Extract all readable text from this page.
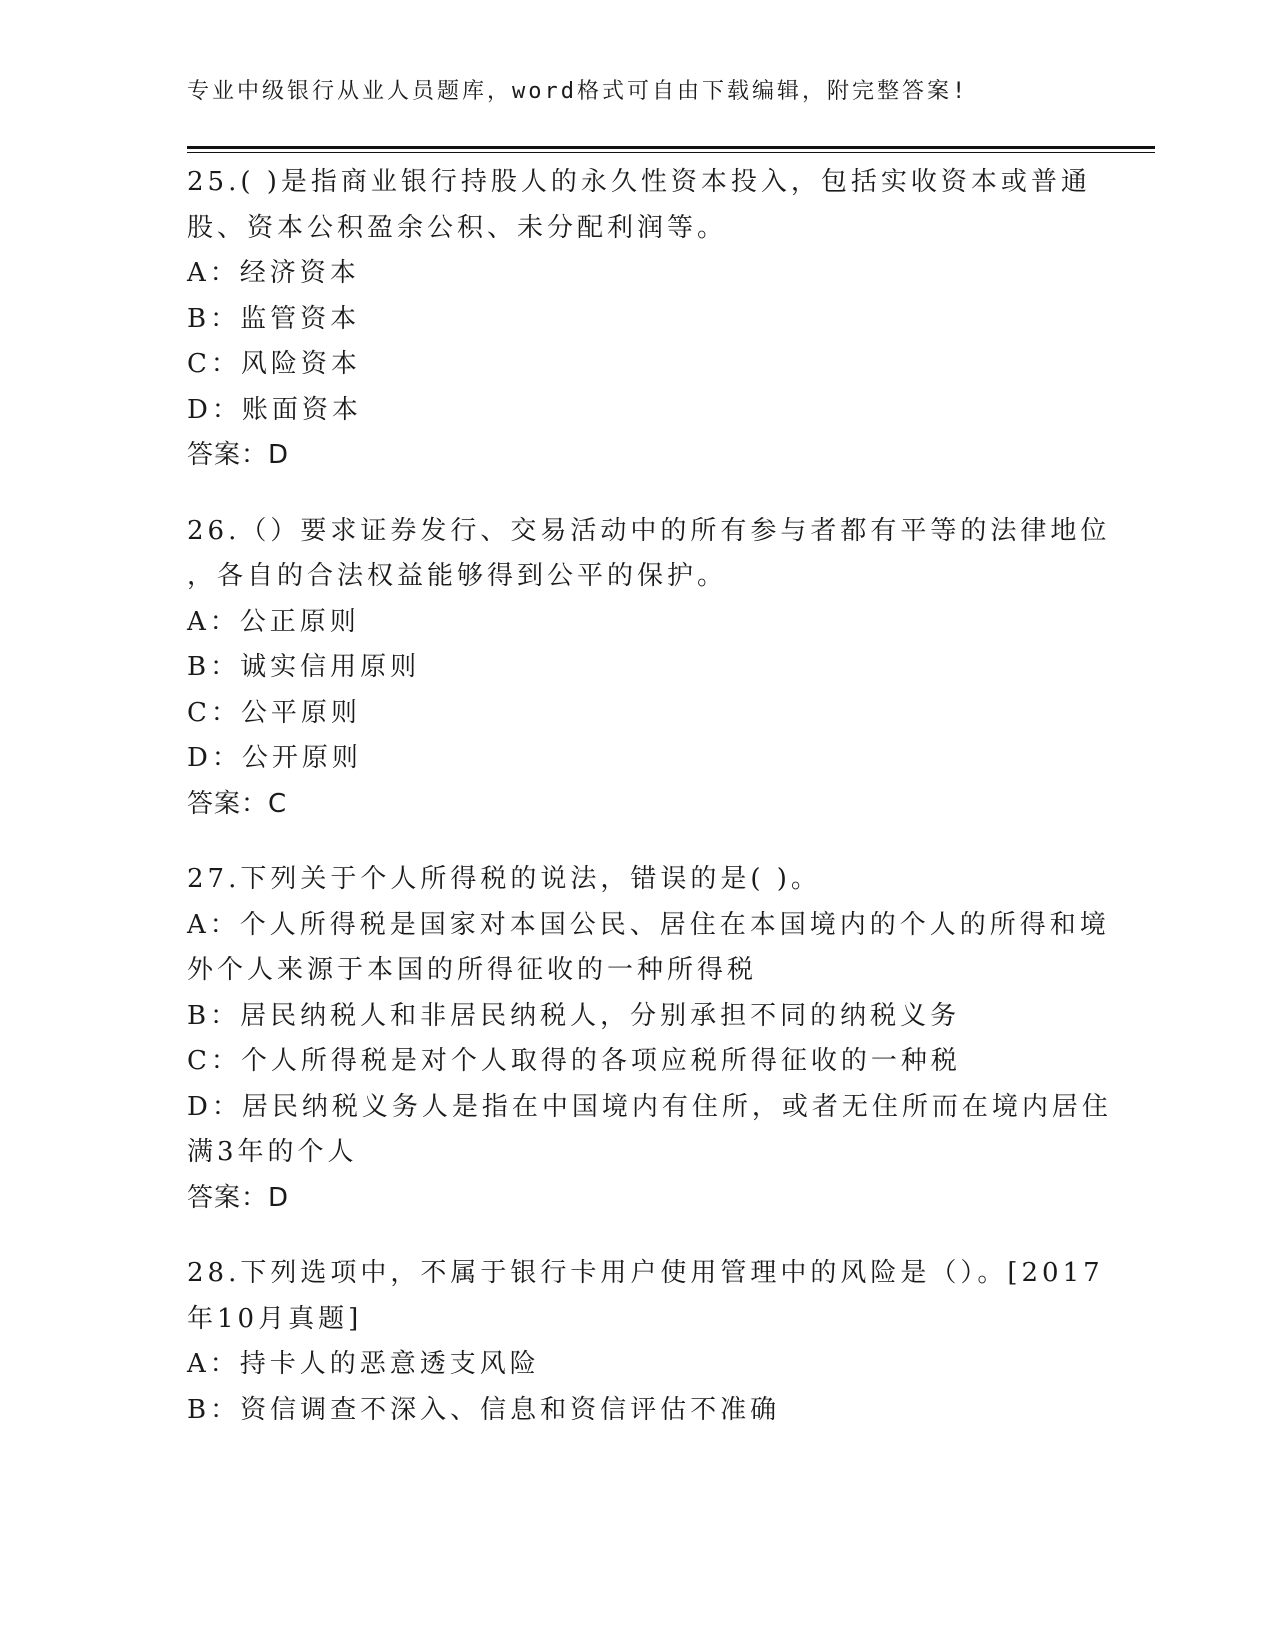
专业中级银行从业人员题库，word格式可自由下载编辑，附完整答案!
25.( )是指商业银行持股人的永久性资本投入，包括实收资本或普通
股、资本公积盈余公积、未分配利润等。
A：经济资本
B：监管资本
C：风险资本
D：账面资本
答案：D
26.（）要求证券发行、交易活动中的所有参与者都有平等的法律地位
，各自的合法权益能够得到公平的保护。
A：公正原则
B：诚实信用原则
C：公平原则
D：公开原则
答案：C
27.下列关于个人所得税的说法，错误的是( )。
A：个人所得税是国家对本国公民、居住在本国境内的个人的所得和境
外个人来源于本国的所得征收的一种所得税
B：居民纳税人和非居民纳税人，分别承担不同的纳税义务
C：个人所得税是对个人取得的各项应税所得征收的一种税
D：居民纳税义务人是指在中国境内有住所，或者无住所而在境内居住
满3年的个人
答案：D
28.下列选项中，不属于银行卡用户使用管理中的风险是（）。[2017
年10月真题]
A：持卡人的恶意透支风险
B：资信调查不深入、信息和资信评估不准确
